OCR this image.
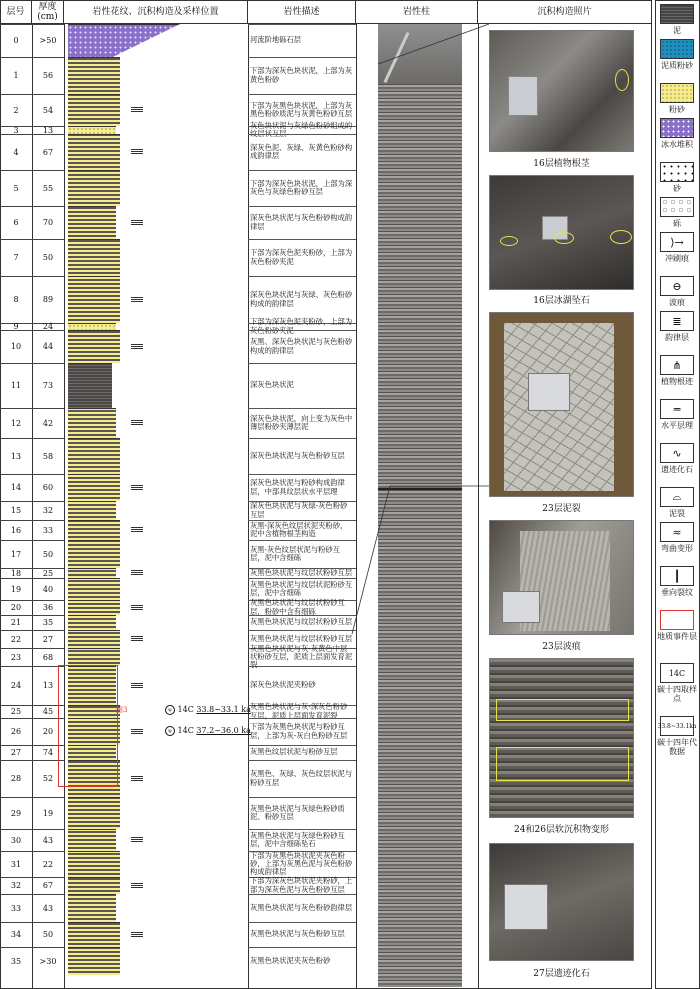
层号 厚度
(cm)	岩性花纹、沉积构造及采样位置	岩性描述	岩性柱	沉积构造照片
0	>50	河流阶地砾石层
1	56
下部为深灰色块状泥，上部为灰黄色粉砂
2	54
下部为灰黑色块状泥，上部为灰黑色粉砂质泥与灰黄色粉砂互层
3	13
灰色块状泥与灰绿色粉砂组成的纹层状互层
4	67
深灰色泥、灰绿、灰黄色粉砂构成韵律层
5	55
下部为深灰色块状泥，上部为深灰色与灰绿色粉砂互层
6	70
深灰色块状泥与灰色粉砂构成韵律层
7	50
下部为深灰色泥夹粉砂，上部为灰色粉砂夹泥
8	89
深灰色块状泥与灰绿、灰色粉砂构成的韵律层
9	24
下部为深灰色泥夹粉砂，上部为灰色粉砂夹泥
10	44
灰黑、深灰色块状泥与灰色粉砂构成的韵律层
11	73	深灰色块状泥
12	42
深灰色块状泥，向上变为灰色中薄层粉砂夹薄层泥
13	58	深灰色块状泥与灰色粉砂互层
14	60
深灰色块状泥与粉砂构成韵律层，中部具纹层状水平层理
15	32
深灰色块状泥与灰绿-灰色粉砂互层
16	33
灰黑-深灰色纹层状泥夹粉砂，泥中含植物根茎构造
17	50
灰黑-灰色纹层状泥与粉砂互层，泥中含细砾
18	25	灰黑色块状泥与纹层状粉砂互层
19	40
灰黑色块状泥与纹层状泥粉砂互层，泥中含细砾
20	36
灰黑色块状泥与纹层状粉砂互层，粉砂中含有细砾
21	35	灰黑色块状泥与纹层状粉砂互层
22	27	灰黑色块状泥与纹层状粉砂互层
23	68
灰黑色块状泥与灰-灰黄色中层状粉砂互层，泥质上层面发育泥裂
24	13	深灰色块状泥夹粉砂
25	45
灰黑色块状泥与灰-深灰色粉砂互层，泥质上层面发育泥裂
26	20
下部为灰黑色块状泥与粉砂互层，上部为灰-灰白色粉砂互层
27	74	灰黑色纹层状泥与粉砂互层
28	52
灰黑色、灰绿、灰色纹层状泥与粉砂互层
29	19
灰黑色块状泥与灰绿色粉砂质泥、粉砂互层
30	43
灰黑色块状泥与灰绿色粉砂互层，泥中含细砾坠石
31	22
下部为灰黑色块状泥夹灰色粉砂，上部为灰黑色泥与灰色粉砂构成韵律层
32	67
下部为深灰色块状泥夹粉砂，上部为深灰色泥与灰色粉砂互层
33	43	灰黑色块状泥与灰色粉砂韵律层
34	50	灰黑色块状泥与灰色粉砂互层
35	>30	灰黑色块状泥夹灰色粉砂
图3	ψ 14C 33.8~33.1 ka
ψ 14C 37.2~36.0 ka
16层植物根茎
16层冰湖坠石
23层泥裂
23层波痕
24和26层软沉积物变形
27层遗迹化石
泥
泥质粉砂
粉砂
冰水堆积
砂
砾
⟩→
冲刷痕
⊖
波痕
≣
韵律层
⋔
植物根迹
═
水平层理
∿
遗迹化石
⌓
泥裂
≈
弯曲变形
┃
垂向裂纹
地质事件层
14C
碳十四取样点
33.8~33.1ka
碳十四年代数据
